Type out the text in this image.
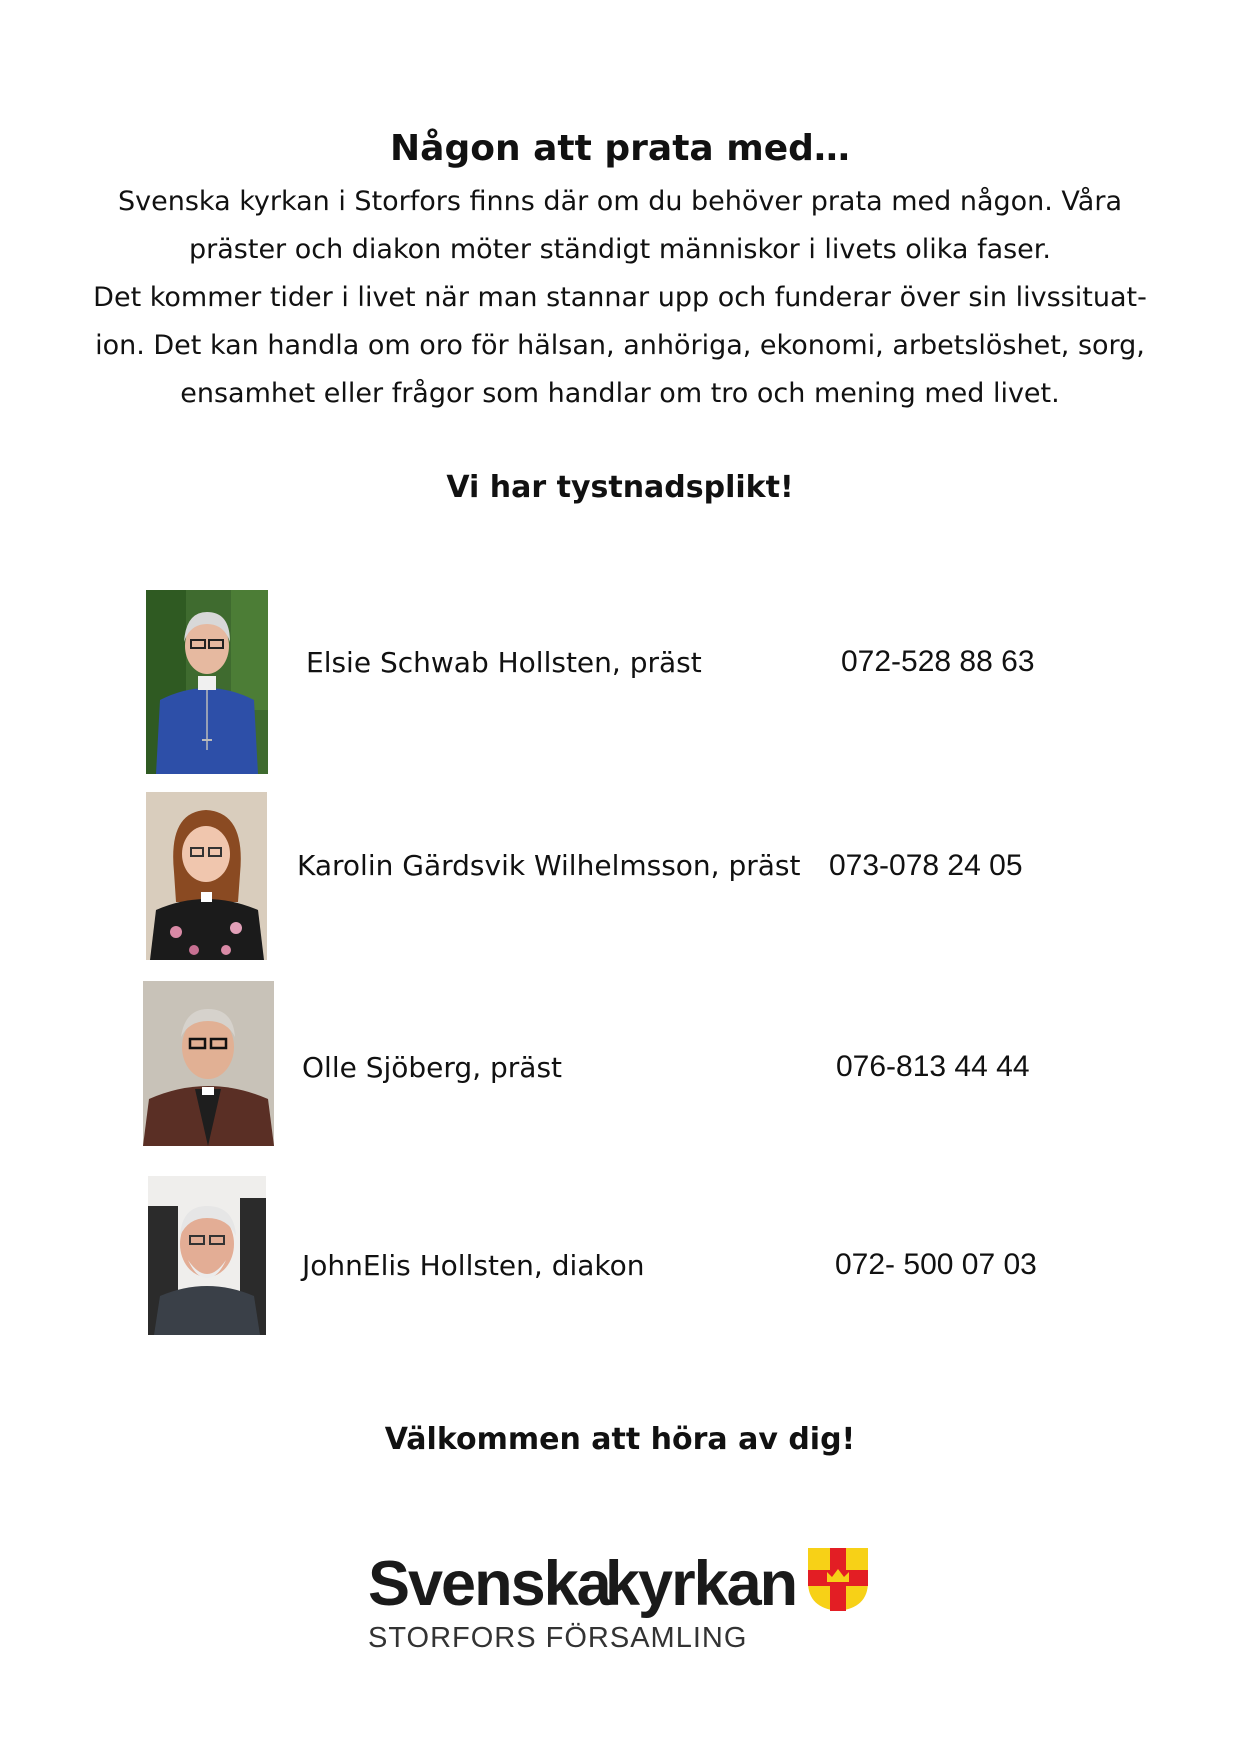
Någon att prata med…

Svenska kyrkan i Storfors finns där om du behöver prata med någon. Våra
präster och diakon möter ständigt människor i livets olika faser.

Det kommer tider i livet när man stannar upp och funderar över sin livssituat-
ion. Det kan handla om oro för hälsan, anhöriga, ekonomi, arbetslöshet, sorg,
ensamhet eller frågor som handlar om tro och mening med livet.

Vi har tystnadsplikt!

Elsie Schwab Hollsten, präst	072-528 88 63
Karolin Gärdsvik Wilhelmsson, präst 073-078 24 05
Olle Sjöberg, präst	076-813 44 44
JohnElis Hollsten, diakon	072- 500 07 03

Välkommen att höra av dig!

Svenska
kyrkan
STORFORS FÖRSAMLING
